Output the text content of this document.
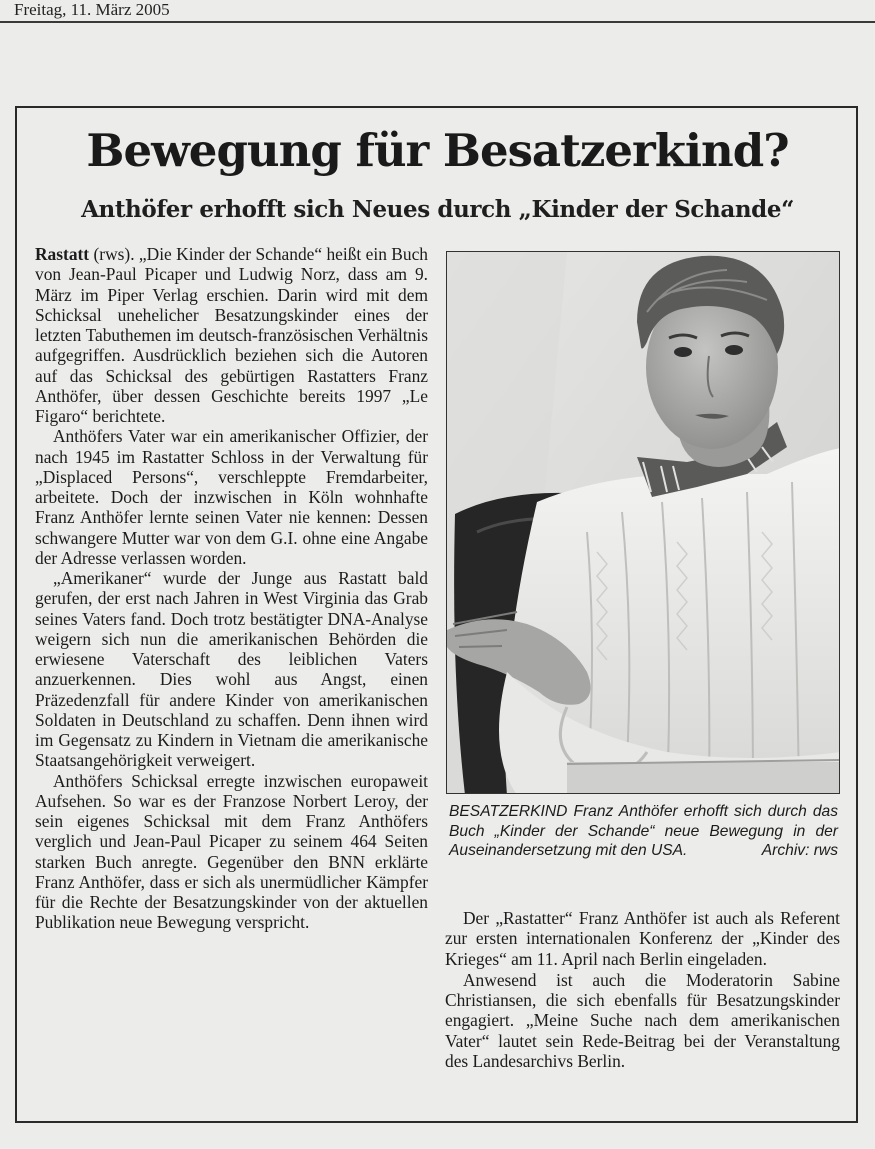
Freitag, 11. März 2005
Bewegung für Besatzerkind?
Anthöfer erhofft sich Neues durch „Kinder der Schande“

Rastatt (rws). „Die Kinder der Schande“ heißt ein Buch von Jean-Paul Picaper und Ludwig Norz, dass am 9. März im Piper Verlag erschien. Darin wird mit dem Schicksal unehelicher Besatzungskinder eines der letzten Tabuthemen im deutsch-französischen Verhältnis aufgegriffen. Ausdrücklich beziehen sich die Autoren auf das Schicksal des gebürtigen Rastatters Franz Anthöfer, über dessen Geschichte bereits 1997 „Le Figaro“ berichtete.

Anthöfers Vater war ein amerikanischer Offizier, der nach 1945 im Rastatter Schloss in der Verwaltung für „Displaced Persons“, verschleppte Fremdarbeiter, arbeitete. Doch der inzwischen in Köln wohnhafte Franz Anthöfer lernte seinen Vater nie kennen: Dessen schwangere Mutter war von dem G.I. ohne eine Angabe der Adresse verlassen worden.

„Amerikaner“ wurde der Junge aus Rastatt bald gerufen, der erst nach Jahren in West Virginia das Grab seines Vaters fand. Doch trotz bestätigter DNA-Analyse weigern sich nun die amerikanischen Behörden die erwiesene Vaterschaft des leiblichen Vaters anzuerkennen. Dies wohl aus Angst, einen Präzedenzfall für andere Kinder von amerikanischen Soldaten in Deutschland zu schaffen. Denn ihnen wird im Gegensatz zu Kindern in Vietnam die amerikanische Staatsangehörigkeit verweigert.

Anthöfers Schicksal erregte inzwischen europaweit Aufsehen. So war es der Franzose Norbert Leroy, der sein eigenes Schicksal mit dem Franz Anthöfers verglich und Jean-Paul Picaper zu seinem 464 Seiten starken Buch anregte. Gegenüber den BNN erklärte Franz Anthöfer, dass er sich als unermüdlicher Kämpfer für die Rechte der Besatzungskinder von der aktuellen Publikation neue Bewegung verspricht.

BESATZERKIND Franz Anthöfer erhofft sich durch das Buch „Kinder der Schande“ neue Bewegung in der Auseinandersetzung mit den USA.	Archiv: rws

Der „Rastatter“ Franz Anthöfer ist auch als Referent zur ersten internationalen Konferenz der „Kinder des Krieges“ am 11. April nach Berlin eingeladen.

Anwesend ist auch die Moderatorin Sabine Christiansen, die sich ebenfalls für Besatzungskinder engagiert. „Meine Suche nach dem amerikanischen Vater“ lautet sein Rede-Beitrag bei der Veranstaltung des Landesarchivs Berlin.
